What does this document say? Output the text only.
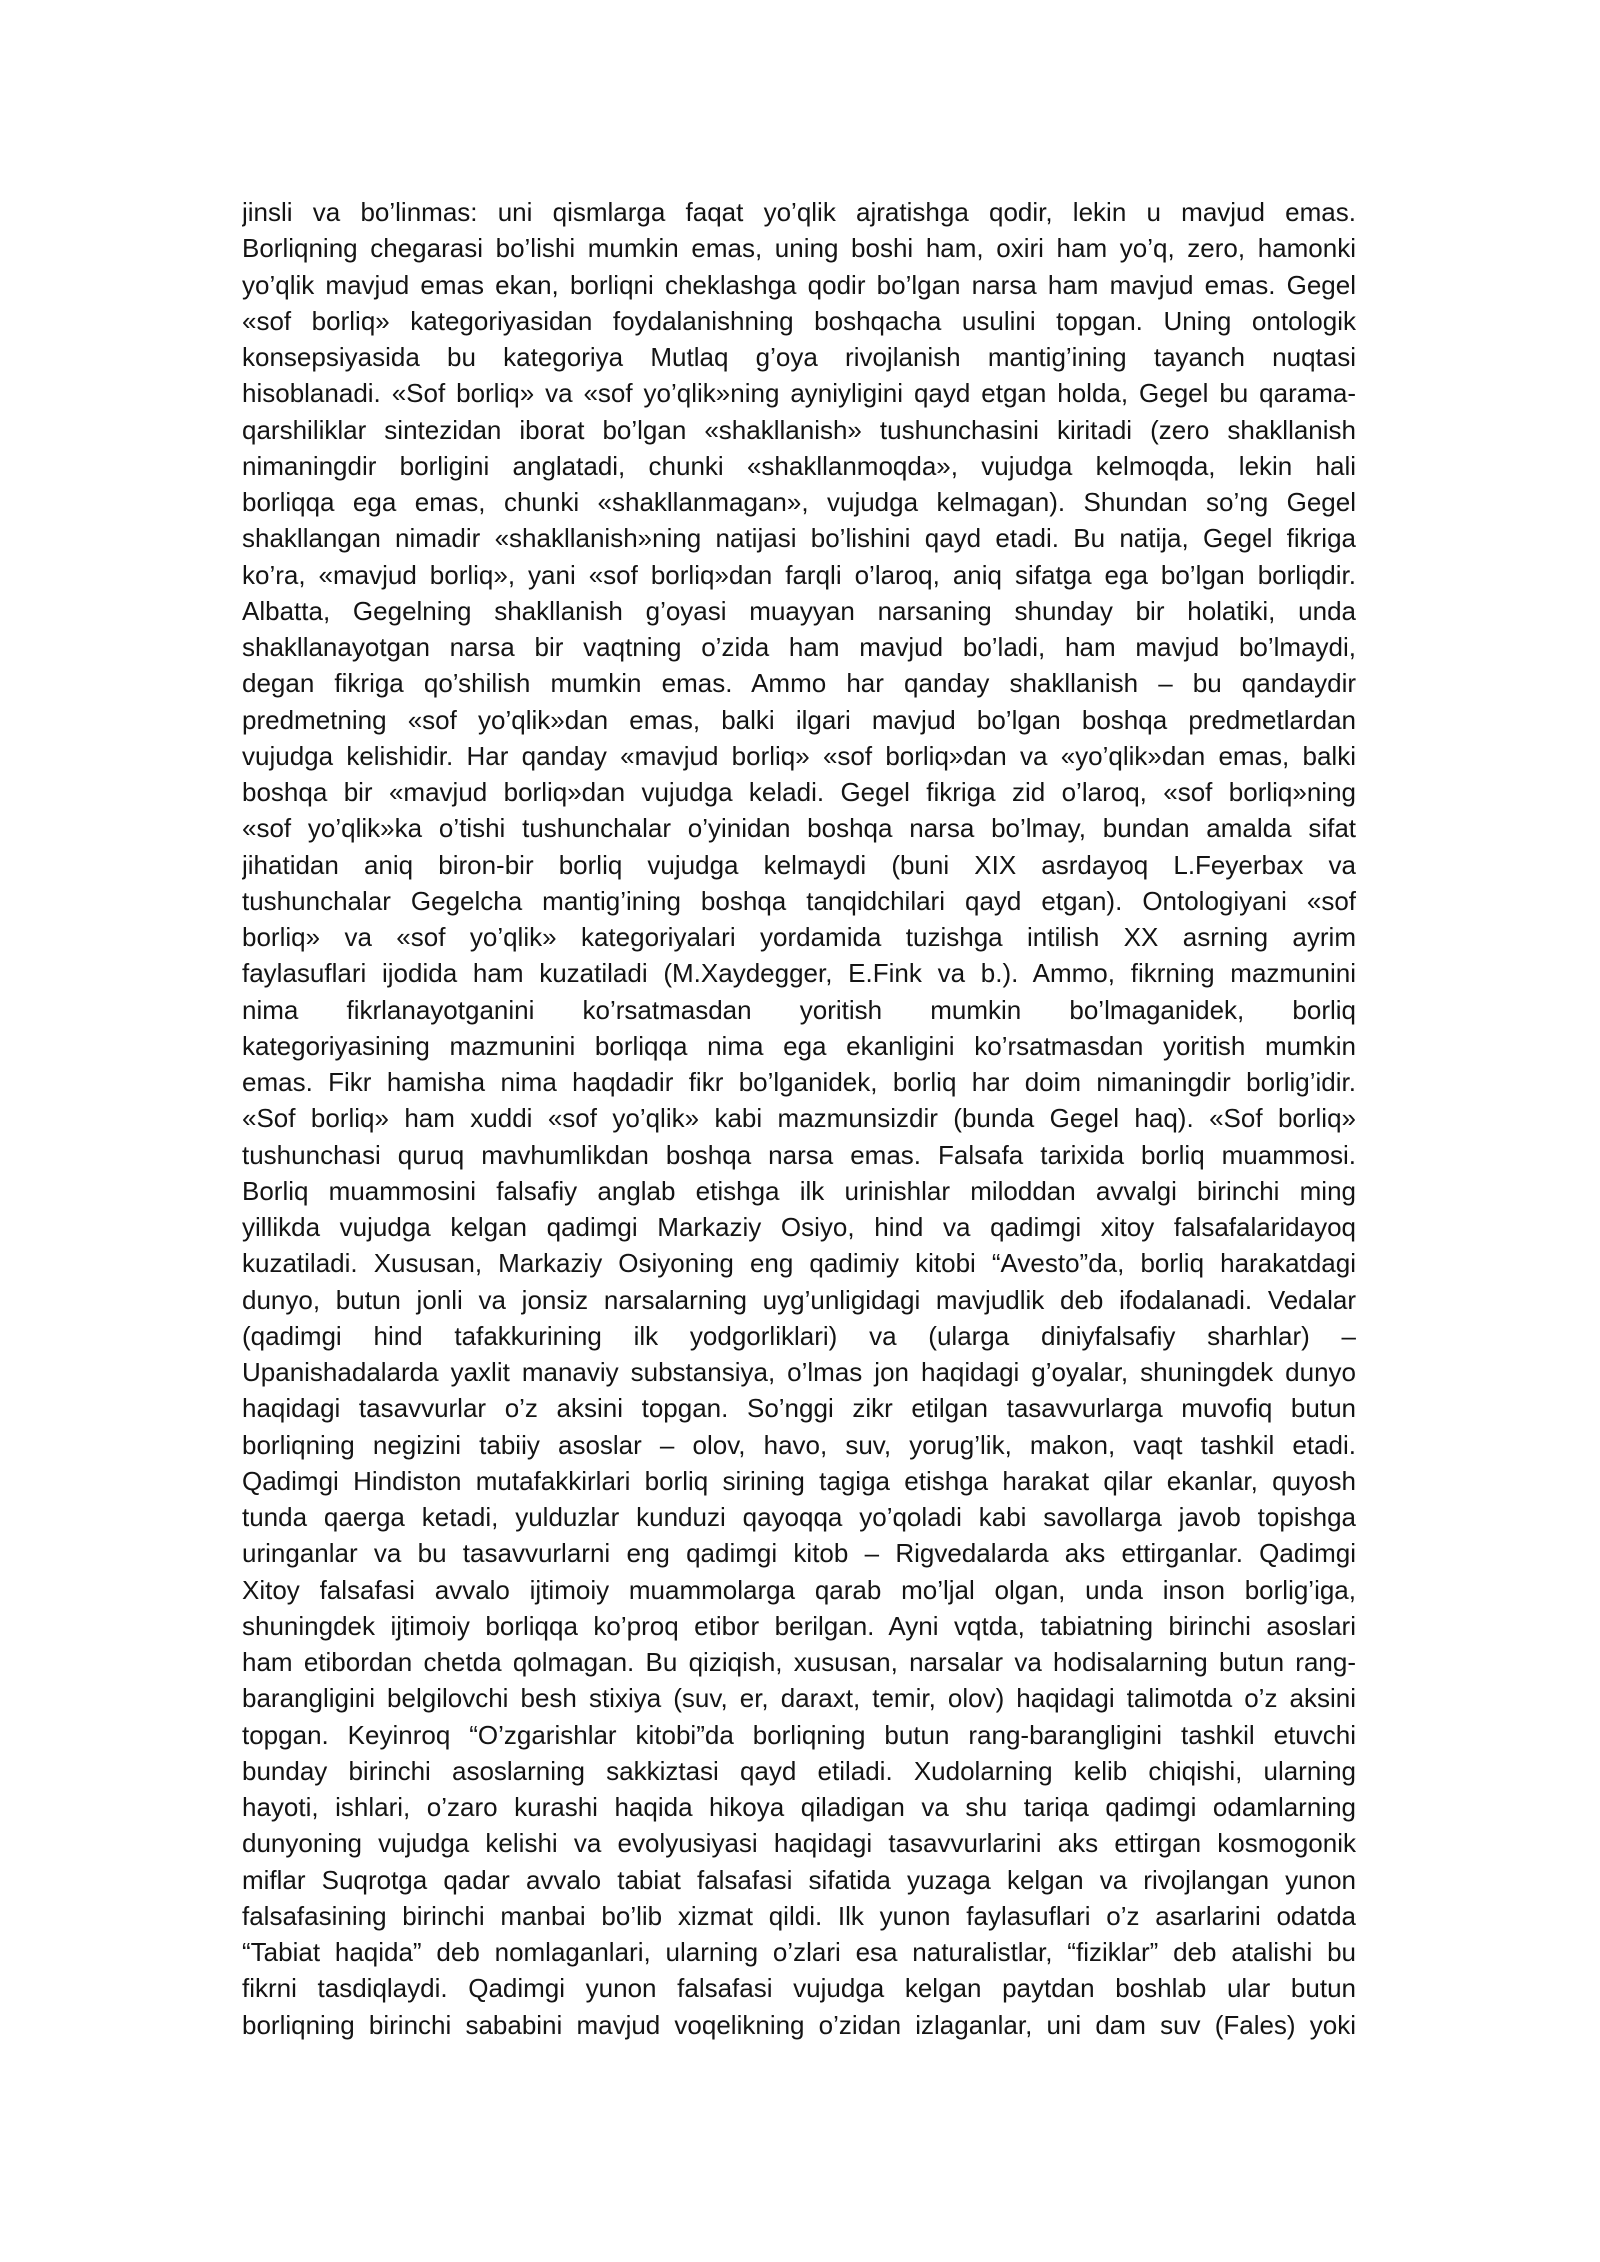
jinsli va bo’linmas: uni qismlarga faqat yo’qlik ajratishga qodir, lekin u mavjud emas.
Borliqning chegarasi bo’lishi mumkin emas, uning boshi ham, oxiri ham yo’q, zero, hamonki
yo’qlik mavjud emas ekan, borliqni cheklashga qodir bo’lgan narsa ham mavjud emas. Gegel
«sof borliq» kategoriyasidan foydalanishning boshqacha usulini topgan. Uning ontologik
konsepsiyasida bu kategoriya Mutlaq g’oya rivojlanish mantig’ining tayanch nuqtasi
hisoblanadi. «Sof borliq» va «sof yo’qlik»ning ayniyligini qayd etgan holda, Gegel bu qarama-
qarshiliklar sintezidan iborat bo’lgan «shakllanish» tushunchasini kiritadi (zero shakllanish
nimaningdir borligini anglatadi, chunki «shakllanmoqda», vujudga kelmoqda, lekin hali
borliqqa ega emas, chunki «shakllanmagan», vujudga kelmagan). Shundan so’ng Gegel
shakllangan nimadir «shakllanish»ning natijasi bo’lishini qayd etadi. Bu natija, Gegel fikriga
ko’ra, «mavjud borliq», yani «sof borliq»dan farqli o’laroq, aniq sifatga ega bo’lgan borliqdir.
Albatta, Gegelning shakllanish g’oyasi muayyan narsaning shunday bir holatiki, unda
shakllanayotgan narsa bir vaqtning o’zida ham mavjud bo’ladi, ham mavjud bo’lmaydi,
degan fikriga qo’shilish mumkin emas. Ammo har qanday shakllanish – bu qandaydir
predmetning «sof yo’qlik»dan emas, balki ilgari mavjud bo’lgan boshqa predmetlardan
vujudga kelishidir. Har qanday «mavjud borliq» «sof borliq»dan va «yo’qlik»dan emas, balki
boshqa bir «mavjud borliq»dan vujudga keladi. Gegel fikriga zid o’laroq, «sof borliq»ning
«sof yo’qlik»ka o’tishi tushunchalar o’yinidan boshqa narsa bo’lmay, bundan amalda sifat
jihatidan aniq biron-bir borliq vujudga kelmaydi (buni XIX asrdayoq L.Feyerbax va
tushunchalar Gegelcha mantig’ining boshqa tanqidchilari qayd etgan). Ontologiyani «sof
borliq» va «sof yo’qlik» kategoriyalari yordamida tuzishga intilish XX asrning ayrim
faylasuflari ijodida ham kuzatiladi (M.Xaydegger, E.Fink va b.). Ammo, fikrning mazmunini
nima fikrlanayotganini ko’rsatmasdan yoritish mumkin bo’lmaganidek, borliq
kategoriyasining mazmunini borliqqa nima ega ekanligini ko’rsatmasdan yoritish mumkin
emas. Fikr hamisha nima haqdadir fikr bo’lganidek, borliq har doim nimaningdir borlig’idir.
«Sof borliq» ham xuddi «sof yo’qlik» kabi mazmunsizdir (bunda Gegel haq). «Sof borliq»
tushunchasi quruq mavhumlikdan boshqa narsa emas. Falsafa tarixida borliq muammosi.
Borliq muammosini falsafiy anglab etishga ilk urinishlar miloddan avvalgi birinchi ming
yillikda vujudga kelgan qadimgi Markaziy Osiyo, hind va qadimgi xitoy falsafalaridayoq
kuzatiladi. Xususan, Markaziy Osiyoning eng qadimiy kitobi “Avesto”da, borliq harakatdagi
dunyo, butun jonli va jonsiz narsalarning uyg’unligidagi mavjudlik deb ifodalanadi. Vedalar
(qadimgi hind tafakkurining ilk yodgorliklari) va (ularga diniyfalsafiy sharhlar) –
Upanishadalarda yaxlit manaviy substansiya, o’lmas jon haqidagi g’oyalar, shuningdek dunyo
haqidagi tasavvurlar o’z aksini topgan. So’nggi zikr etilgan tasavvurlarga muvofiq butun
borliqning negizini tabiiy asoslar – olov, havo, suv, yorug’lik, makon, vaqt tashkil etadi.
Qadimgi Hindiston mutafakkirlari borliq sirining tagiga etishga harakat qilar ekanlar, quyosh
tunda qaerga ketadi, yulduzlar kunduzi qayoqqa yo’qoladi kabi savollarga javob topishga
uringanlar va bu tasavvurlarni eng qadimgi kitob – Rigvedalarda aks ettirganlar. Qadimgi
Xitoy falsafasi avvalo ijtimoiy muammolarga qarab mo’ljal olgan, unda inson borlig’iga,
shuningdek ijtimoiy borliqqa ko’proq etibor berilgan. Ayni vqtda, tabiatning birinchi asoslari
ham etibordan chetda qolmagan. Bu qiziqish, xususan, narsalar va hodisalarning butun rang-
barangligini belgilovchi besh stixiya (suv, er, daraxt, temir, olov) haqidagi talimotda o’z aksini
topgan. Keyinroq “O’zgarishlar kitobi”da borliqning butun rang-barangligini tashkil etuvchi
bunday birinchi asoslarning sakkiztasi qayd etiladi. Xudolarning kelib chiqishi, ularning
hayoti, ishlari, o’zaro kurashi haqida hikoya qiladigan va shu tariqa qadimgi odamlarning
dunyoning vujudga kelishi va evolyusiyasi haqidagi tasavvurlarini aks ettirgan kosmogonik
miflar Suqrotga qadar avvalo tabiat falsafasi sifatida yuzaga kelgan va rivojlangan yunon
falsafasining birinchi manbai bo’lib xizmat qildi. Ilk yunon faylasuflari o’z asarlarini odatda
“Tabiat haqida” deb nomlaganlari, ularning o’zlari esa naturalistlar, “fiziklar” deb atalishi bu
fikrni tasdiqlaydi. Qadimgi yunon falsafasi vujudga kelgan paytdan boshlab ular butun
borliqning birinchi sababini mavjud voqelikning o’zidan izlaganlar, uni dam suv (Fales) yoki
